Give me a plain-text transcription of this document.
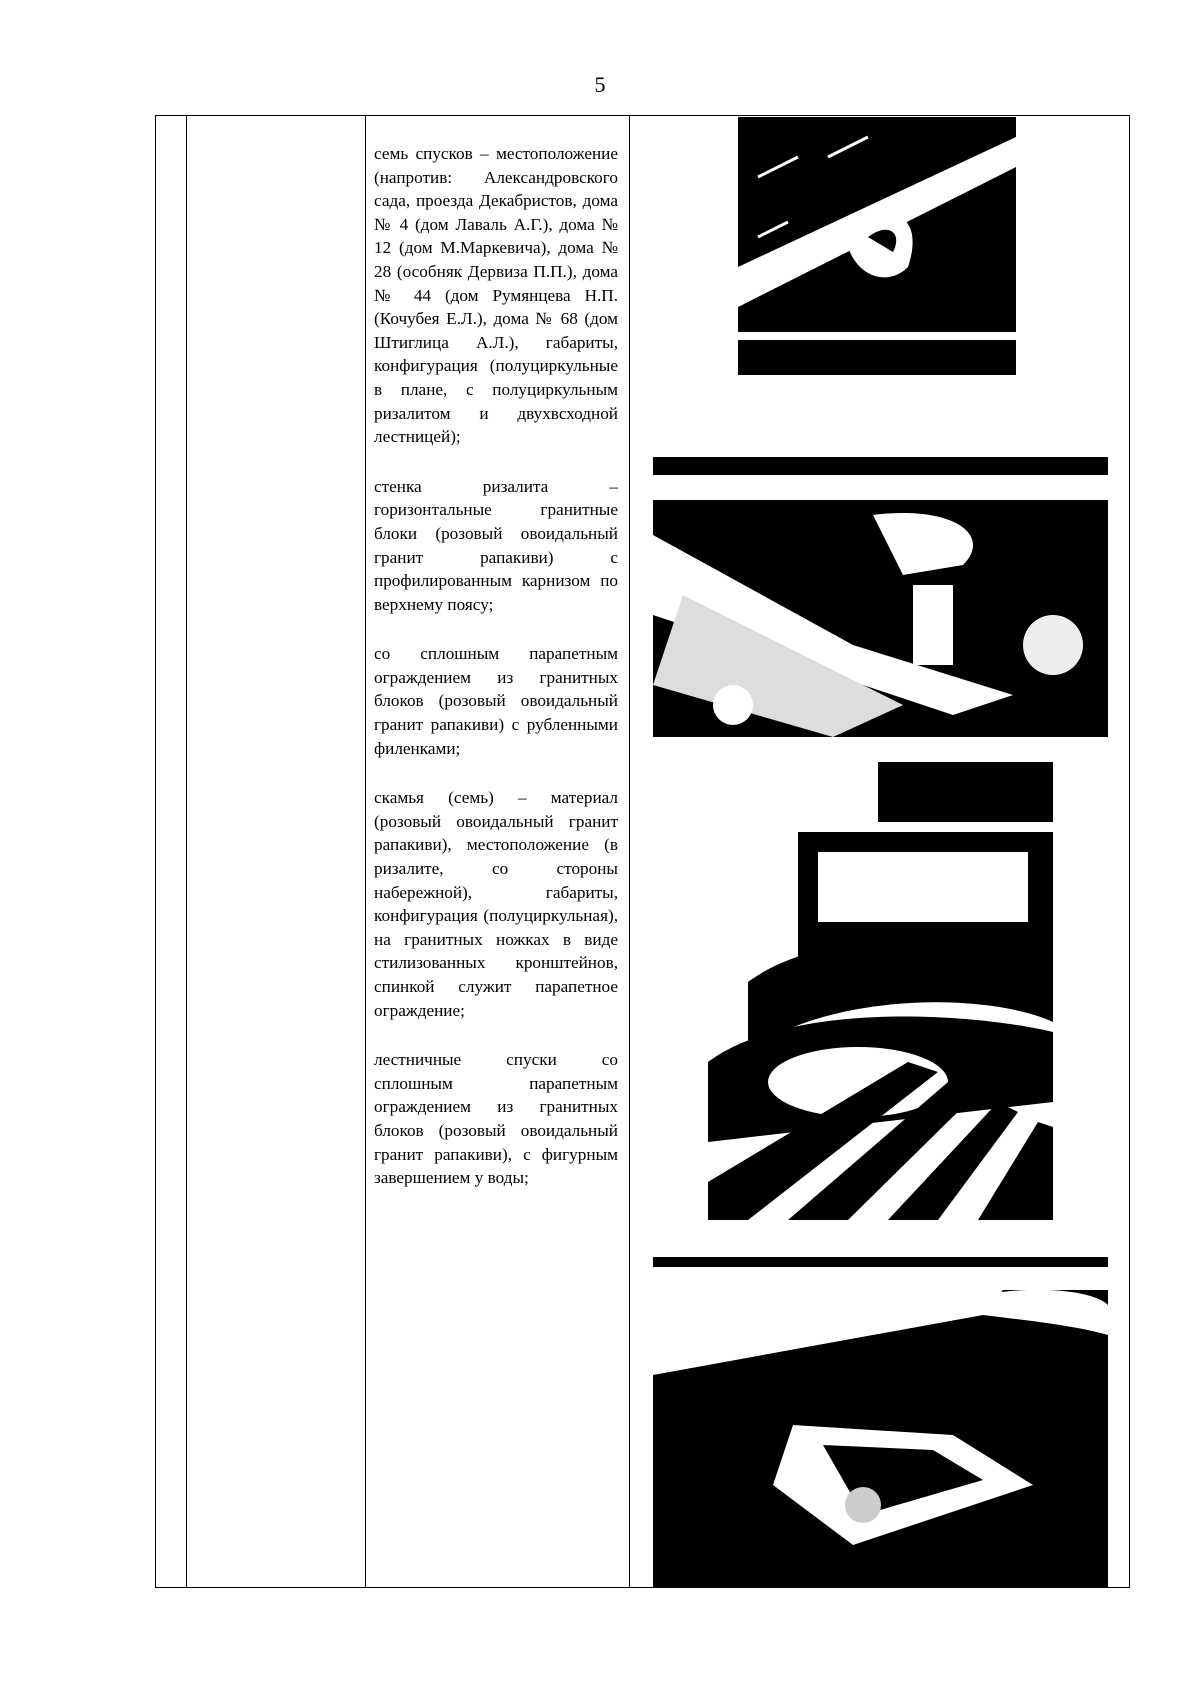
5

семь спусков – местоположение (напротив: Александровского сада, проезда Декабристов, дома № 4 (дом Лаваль А.Г.), дома № 12 (дом М.Маркевича), дома № 28 (особняк Дервиза П.П.), дома № 44 (дом Румянцева Н.П. (Кочубея Е.Л.), дома № 68 (дом Штиглица А.Л.), габариты, конфигурация (полуциркульные в плане, с полуциркульным ризалитом и двухвсходной лестницей);

стенка ризалита – горизонтальные гранитные блоки (розовый овоидальный гранит рапакиви) с профилированным карнизом по верхнему поясу;

со сплошным парапетным ограждением из гранитных блоков (розовый овоидальный гранит рапакиви) с рубленными филенками;

скамья (семь) – материал (розовый овоидальный гранит рапакиви), местоположение (в ризалите, со стороны набережной), габариты, конфигурация (полуциркульная), на гранитных ножках в виде стилизованных кронштейнов, спинкой служит парапетное ограждение;

лестничные спуски со сплошным парапетным ограждением из гранитных блоков (розовый овоидальный гранит рапакиви), с фигурным завершением у воды;
